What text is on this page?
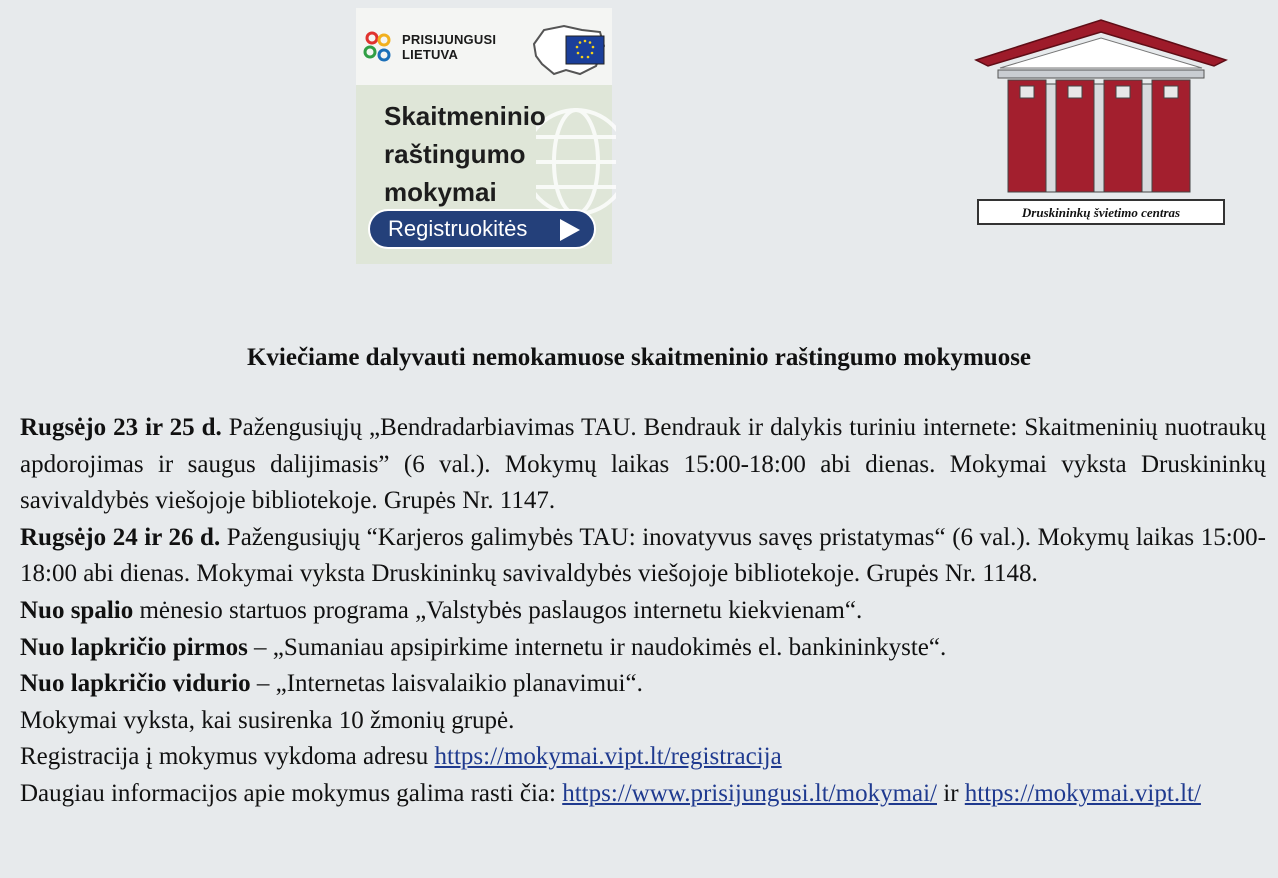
PRISIJUNGUSI
LIETUVA
Skaitmeninio
raštingumo
mokymai
Registruokitės
Druskininkų švietimo centras
Kviečiame dalyvauti nemokamuose skaitmeninio raštingumo mokymuose

Rugsėjo 23 ir 25 d. Pažengusiųjų „Bendradarbiavimas TAU. Bendrauk ir dalykis turiniu internete: Skaitmeninių nuotraukų apdorojimas ir saugus dalijimasis” (6 val.). Mokymų laikas 15:00-18:00 abi dienas. Mokymai vyksta Druskininkų savivaldybės viešojoje bibliotekoje. Grupės Nr. 1147.

Rugsėjo 24 ir 26 d. Pažengusiųjų “Karjeros galimybės TAU: inovatyvus savęs pristatymas“ (6 val.). Mokymų laikas 15:00-18:00 abi dienas. Mokymai vyksta Druskininkų savivaldybės viešojoje bibliotekoje. Grupės Nr. 1148.

Nuo spalio mėnesio startuos programa „Valstybės paslaugos internetu kiekvienam“.

Nuo lapkričio pirmos – „Sumaniau apsipirkime internetu ir naudokimės el. bankininkyste“.

Nuo lapkričio vidurio – „Internetas laisvalaikio planavimui“.

Mokymai vyksta, kai susirenka 10 žmonių grupė.

Registracija į mokymus vykdoma adresu https://mokymai.vipt.lt/registracija

Daugiau informacijos apie mokymus galima rasti čia: https://www.prisijungusi.lt/mokymai/ ir https://mokymai.vipt.lt/
